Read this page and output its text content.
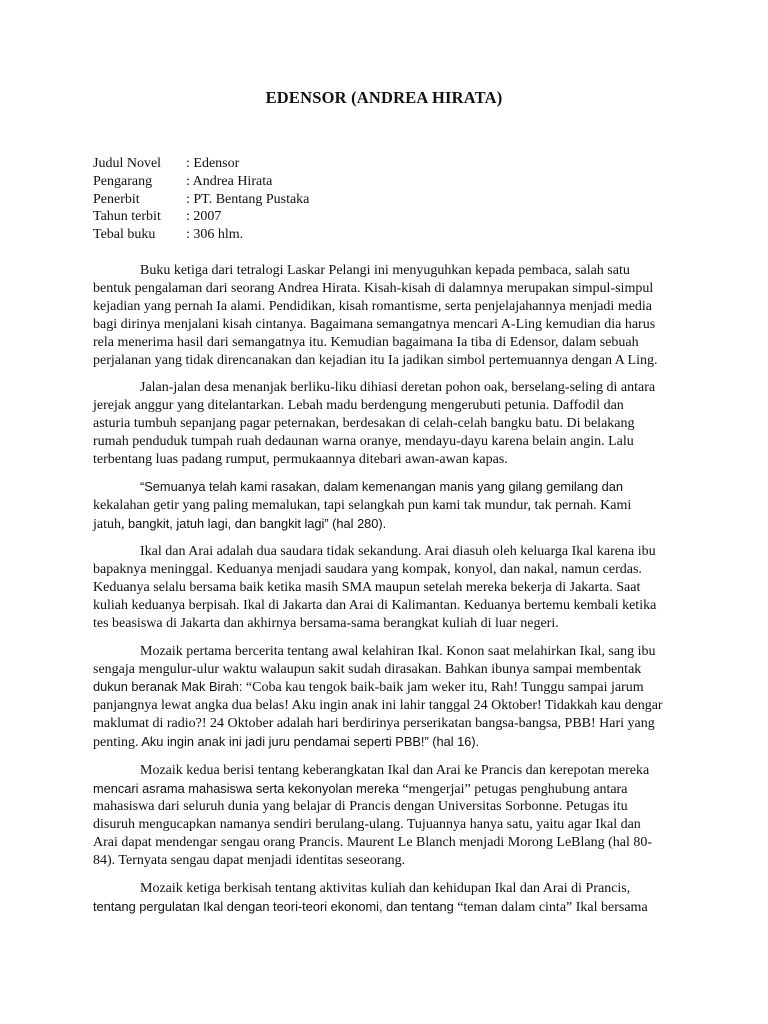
EDENSOR (ANDREA HIRATA)
Judul Novel	: Edensor
Pengarang	: Andrea Hirata
Penerbit	: PT. Bentang Pustaka
Tahun terbit	: 2007
Tebal buku	: 306 hlm.

Buku ketiga dari tetralogi Laskar Pelangi ini menyuguhkan kepada pembaca, salah satu bentuk pengalaman dari seorang Andrea Hirata. Kisah-kisah di dalamnya merupakan simpul-simpul kejadian yang pernah Ia alami. Pendidikan, kisah romantisme, serta penjelajahannya menjadi media bagi dirinya menjalani kisah cintanya. Bagaimana semangatnya mencari A-Ling kemudian dia harus rela menerima hasil dari semangatnya itu. Kemudian bagaimana Ia tiba di Edensor, dalam sebuah perjalanan yang tidak direncanakan dan kejadian itu Ia jadikan simbol pertemuannya dengan A Ling.

Jalan-jalan desa menanjak berliku-liku dihiasi deretan pohon oak, berselang-seling di antara jerejak anggur yang ditelantarkan. Lebah madu berdengung mengerubuti petunia. Daffodil dan asturia tumbuh sepanjang pagar peternakan, berdesakan di celah-celah bangku batu. Di belakang rumah penduduk tumpah ruah dedaunan warna oranye, mendayu-dayu karena belain angin. Lalu terbentang luas padang rumput, permukaannya ditebari awan-awan kapas.

“Semuanya telah kami rasakan, dalam kemenangan manis yang gilang gemilang dan kekalahan getir yang paling memalukan, tapi selangkah pun kami tak mundur, tak pernah. Kami jatuh, bangkit, jatuh lagi, dan bangkit lagi” (hal 280).

Ikal dan Arai adalah dua saudara tidak sekandung. Arai diasuh oleh keluarga Ikal karena ibu bapaknya meninggal. Keduanya menjadi saudara yang kompak, konyol, dan nakal, namun cerdas. Keduanya selalu bersama baik ketika masih SMA maupun setelah mereka bekerja di Jakarta. Saat kuliah keduanya berpisah. Ikal di Jakarta dan Arai di Kalimantan. Keduanya bertemu kembali ketika tes beasiswa di Jakarta dan akhirnya bersama-sama berangkat kuliah di luar negeri.

Mozaik pertama bercerita tentang awal kelahiran Ikal. Konon saat melahirkan Ikal, sang ibu sengaja mengulur-ulur waktu walaupun sakit sudah dirasakan. Bahkan ibunya sampai membentak dukun beranak Mak Birah: “Coba kau tengok baik-baik jam weker itu, Rah! Tunggu sampai jarum panjangnya lewat angka dua belas! Aku ingin anak ini lahir tanggal 24 Oktober! Tidakkah kau dengar maklumat di radio?! 24 Oktober adalah hari berdirinya perserikatan bangsa-bangsa, PBB! Hari yang penting. Aku ingin anak ini jadi juru pendamai seperti PBB!” (hal 16).

Mozaik kedua berisi tentang keberangkatan Ikal dan Arai ke Prancis dan kerepotan mereka mencari asrama mahasiswa serta kekonyolan mereka “mengerjai” petugas penghubung antara mahasiswa dari seluruh dunia yang belajar di Prancis dengan Universitas Sorbonne. Petugas itu disuruh mengucapkan namanya sendiri berulang-ulang. Tujuannya hanya satu, yaitu agar Ikal dan Arai dapat mendengar sengau orang Prancis. Maurent Le Blanch menjadi Morong LeBlang (hal 80-84). Ternyata sengau dapat menjadi identitas seseorang.

Mozaik ketiga berkisah tentang aktivitas kuliah dan kehidupan Ikal dan Arai di Prancis, tentang pergulatan Ikal dengan teori-teori ekonomi, dan tentang “teman dalam cinta” Ikal bersama
